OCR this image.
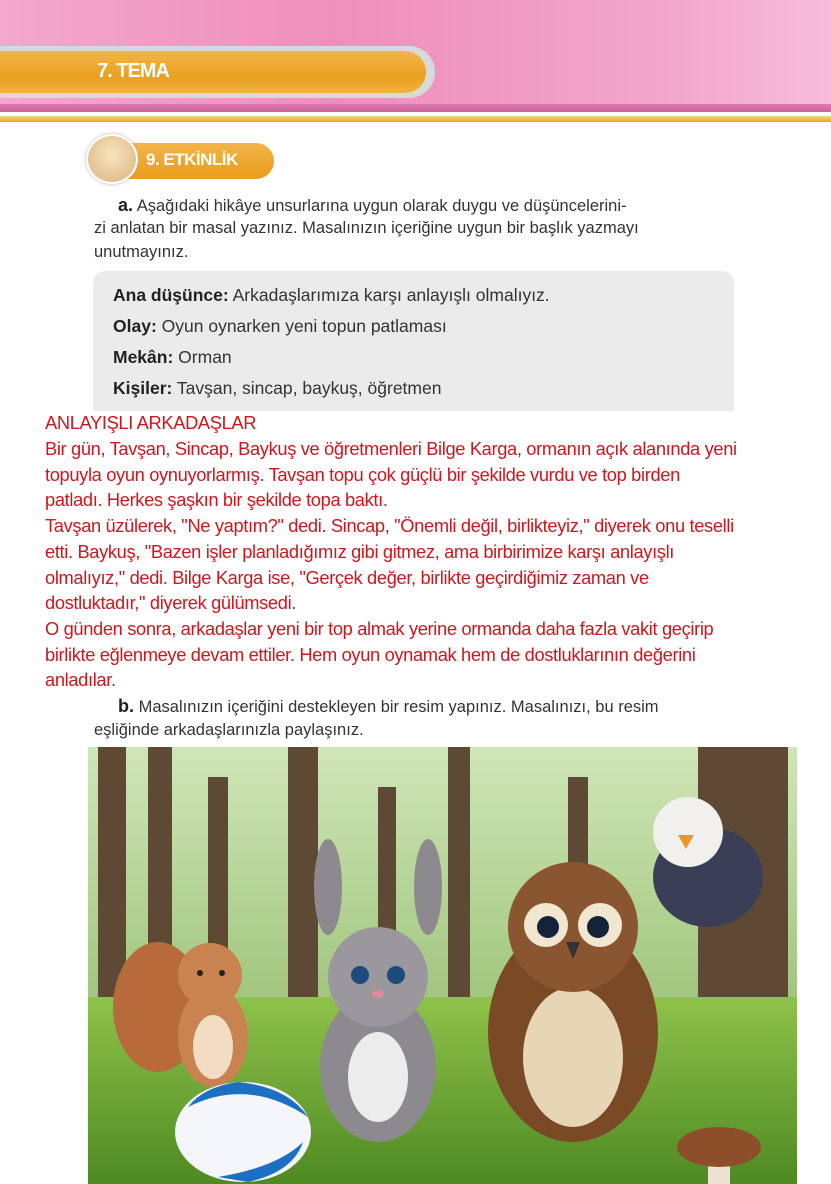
7. TEMA
9. ETKİNLİK
a. Aşağıdaki hikâye unsurlarına uygun olarak duygu ve düşüncelerini-
zi anlatan bir masal yazınız. Masalınızın içeriğine uygun bir başlık yazmayı
unutmayınız.
Ana düşünce: Arkadaşlarımıza karşı anlayışlı olmalıyız.
Olay: Oyun oynarken yeni topun patlaması
Mekân: Orman
Kişiler: Tavşan, sincap, baykuş, öğretmen
ANLAYIŞLI ARKADAŞLAR
Bir gün, Tavşan, Sincap, Baykuş ve öğretmenleri Bilge Karga, ormanın açık alanında yeni
topuyla oyun oynuyorlarmış. Tavşan topu çok güçlü bir şekilde vurdu ve top birden
patladı. Herkes şaşkın bir şekilde topa baktı.
Tavşan üzülerek, "Ne yaptım?" dedi. Sincap, "Önemli değil, birlikteyiz," diyerek onu teselli
etti. Baykuş, "Bazen işler planladığımız gibi gitmez, ama birbirimize karşı anlayışlı
olmalıyız," dedi. Bilge Karga ise, "Gerçek değer, birlikte geçirdiğimiz zaman ve
dostluktadır," diyerek gülümsedi.
O günden sonra, arkadaşlar yeni bir top almak yerine ormanda daha fazla vakit geçirip
birlikte eğlenmeye devam ettiler. Hem oyun oynamak hem de dostluklarının değerini
anladılar.
b. Masalınızın içeriğini destekleyen bir resim yapınız. Masalınızı, bu resim
eşliğinde arkadaşlarınızla paylaşınız.
